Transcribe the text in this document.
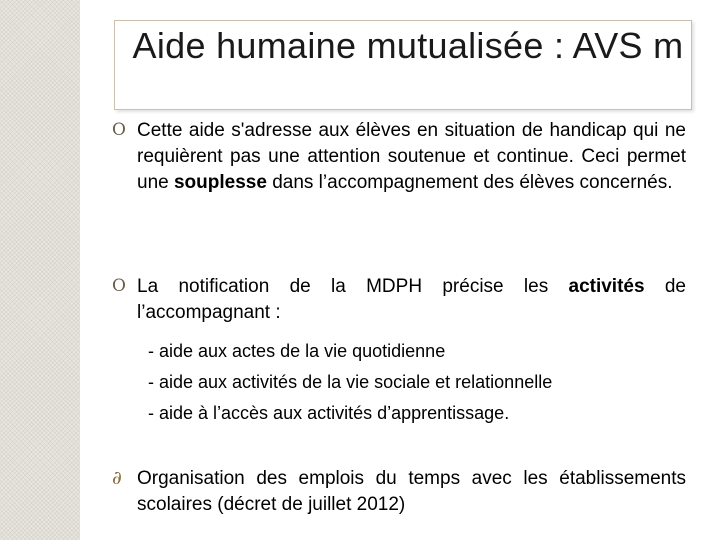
Aide humaine mutualisée : AVS m
O Cette aide s'adresse aux élèves en situation de handicap qui ne requièrent pas une attention soutenue et continue. Ceci permet une souplesse dans l’accompagnement des élèves concernés.
O La notification de la MDPH précise les activités de l’accompagnant :
- aide aux actes de la vie quotidienne
- aide aux activités de la vie sociale et relationnelle
- aide à l’accès aux activités d’apprentissage.
∂ Organisation des emplois du temps avec les établissements scolaires (décret de juillet 2012)
